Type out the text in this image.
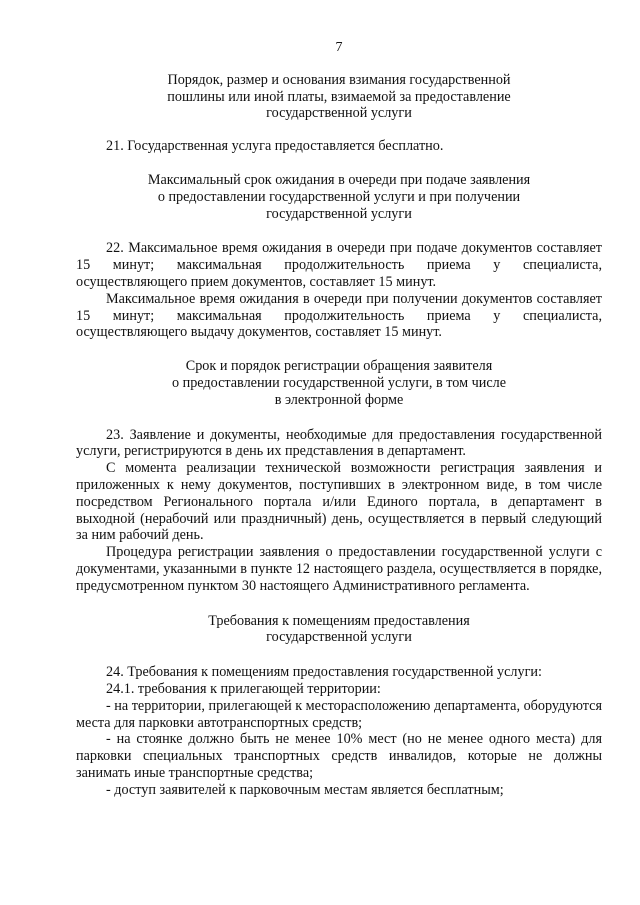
7
Порядок, размер и основания взимания государственной
пошлины или иной платы, взимаемой за предоставление
государственной услуги

21. Государственная услуга предоставляется бесплатно.

Максимальный срок ожидания в очереди при подаче заявления
о предоставлении государственной услуги и при получении
государственной услуги

22. Максимальное время ожидания в очереди при подаче документов составляет 15 минут; максимальная продолжительность приема у специалиста, осуществляющего прием документов, составляет 15 минут.

Максимальное время ожидания в очереди при получении документов составляет 15 минут; максимальная продолжительность приема у специалиста, осуществляющего выдачу документов, составляет 15 минут.

Срок и порядок регистрации обращения заявителя
о предоставлении государственной услуги, в том числе
в электронной форме

23. Заявление и документы, необходимые для предоставления государственной услуги, регистрируются в день их представления в департамент.

С момента реализации технической возможности регистрация заявления и приложенных к нему документов, поступивших в электронном виде, в том числе посредством Регионального портала и/или Единого портала, в департамент в выходной (нерабочий или праздничный) день, осуществляется в первый следующий за ним рабочий день.

Процедура регистрации заявления о предоставлении государственной услуги с документами, указанными в пункте 12 настоящего раздела, осуществляется в порядке, предусмотренном пунктом 30 настоящего Административного регламента.

Требования к помещениям предоставления
государственной услуги

24. Требования к помещениям предоставления государственной услуги:

24.1. требования к прилегающей территории:

- на территории, прилегающей к месторасположению департамента, оборудуются места для парковки автотранспортных средств;

- на стоянке должно быть не менее 10% мест (но не менее одного места) для парковки специальных транспортных средств инвалидов, которые не должны занимать иные транспортные средства;

- доступ заявителей к парковочным местам является бесплатным;
